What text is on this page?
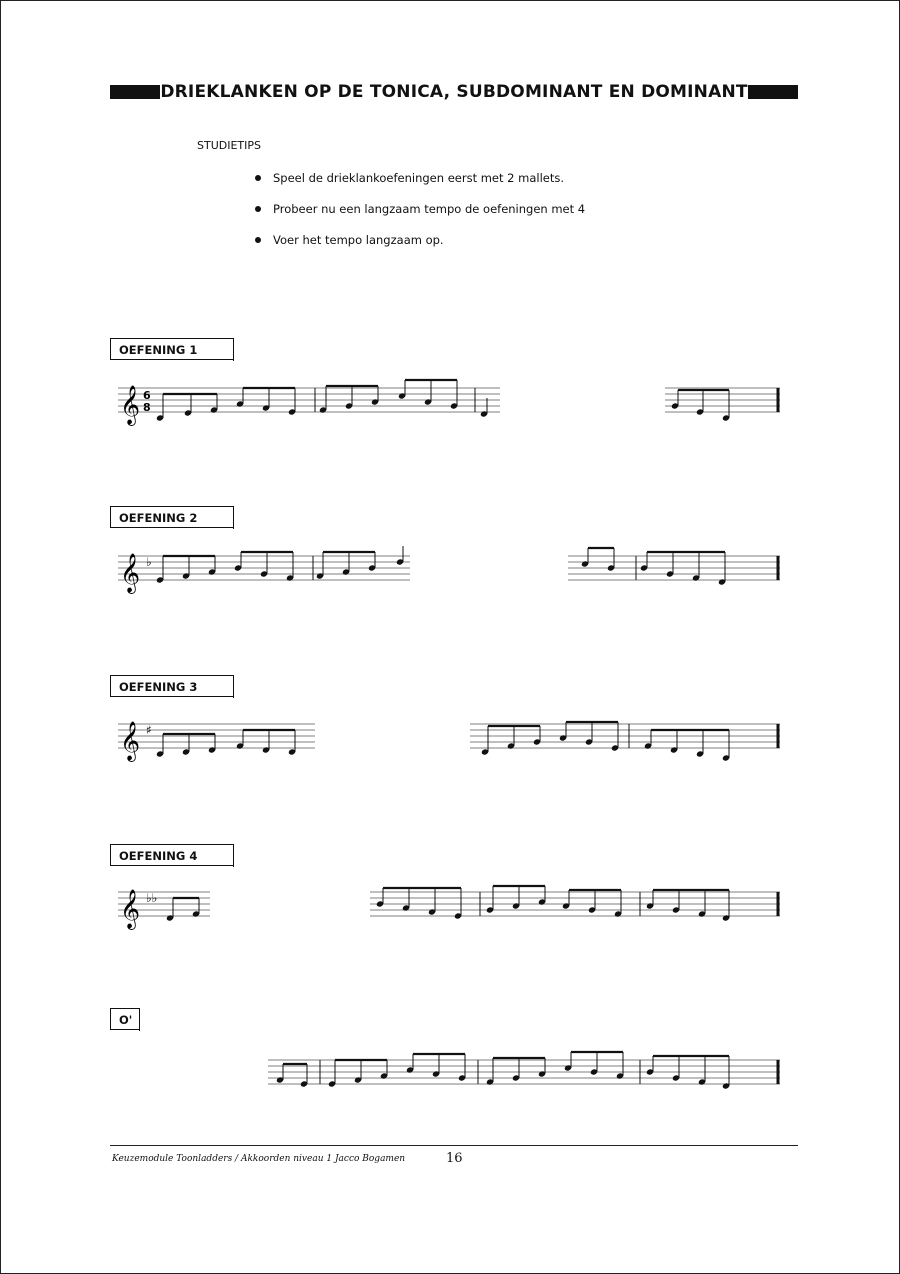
DRIEKLANKEN OP DE TONICA, SUBDOMINANT EN DOMINANT
STUDIETIPS
Speel de drieklankoefeningen eerst met 2 mallets.
Probeer nu een langzaam tempo de oefeningen met 4
Voer het tempo langzaam op.
OEFENING 1
OEFENING 2
OEFENING 3
OEFENING 4
O'
𝄞 6
8
𝄞 ♭
𝄞 ♯
𝄞 ♭♭
Keuzemodule Toonladders / Akkoorden niveau 1 Jacco Bogamen	16
